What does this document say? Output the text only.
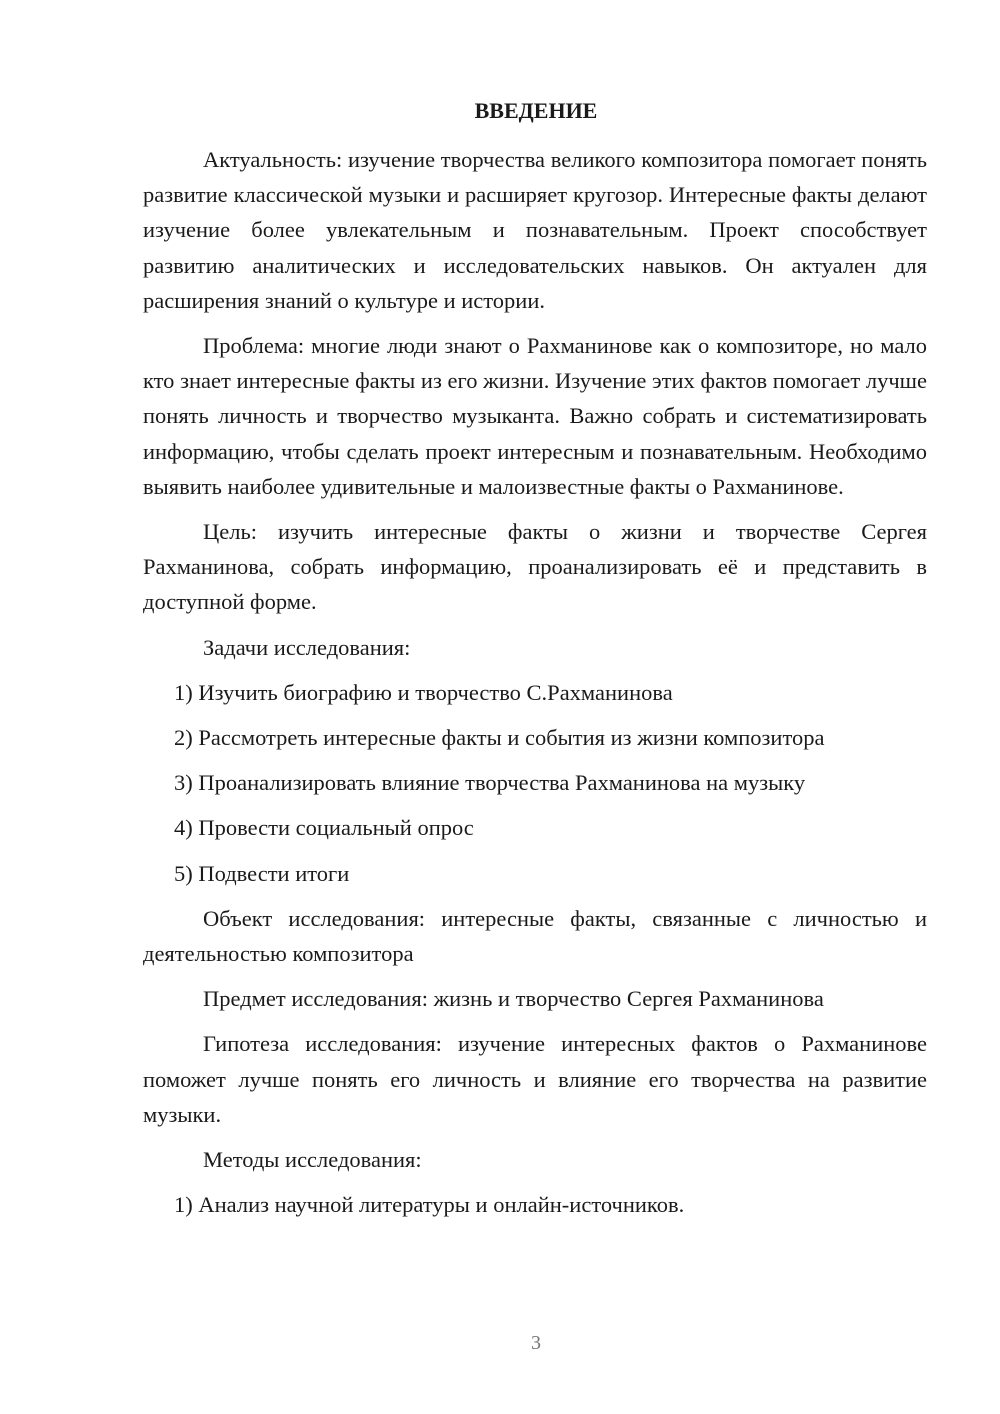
ВВЕДЕНИЕ

Актуальность: изучение творчества великого композитора помогает понять развитие классической музыки и расширяет кругозор. Интересные факты делают изучение более увлекательным и познавательным. Проект способствует развитию аналитических и исследовательских навыков. Он актуален для расширения знаний о культуре и истории.

Проблема: многие люди знают о Рахманинове как о композиторе, но мало кто знает интересные факты из его жизни. Изучение этих фактов помогает лучше понять личность и творчество музыканта. Важно собрать и систематизировать информацию, чтобы сделать проект интересным и познавательным. Необходимо выявить наиболее удивительные и малоизвестные факты о Рахманинове.

Цель: изучить интересные факты о жизни и творчестве Сергея Рахманинова, собрать информацию, проанализировать её и представить в доступной форме.

Задачи исследования:

1) Изучить биографию и творчество С.Рахманинова
2) Рассмотреть интересные факты и события из жизни композитора
3) Проанализировать влияние творчества Рахманинова на музыку
4) Провести социальный опрос
5) Подвести итоги

Объект исследования: интересные факты, связанные с личностью и деятельностью композитора

Предмет исследования: жизнь и творчество Сергея Рахманинова

Гипотеза исследования: изучение интересных фактов о Рахманинове поможет лучше понять его личность и влияние его творчества на развитие музыки.

Методы исследования:

1) Анализ научной литературы и онлайн-источников.
3
